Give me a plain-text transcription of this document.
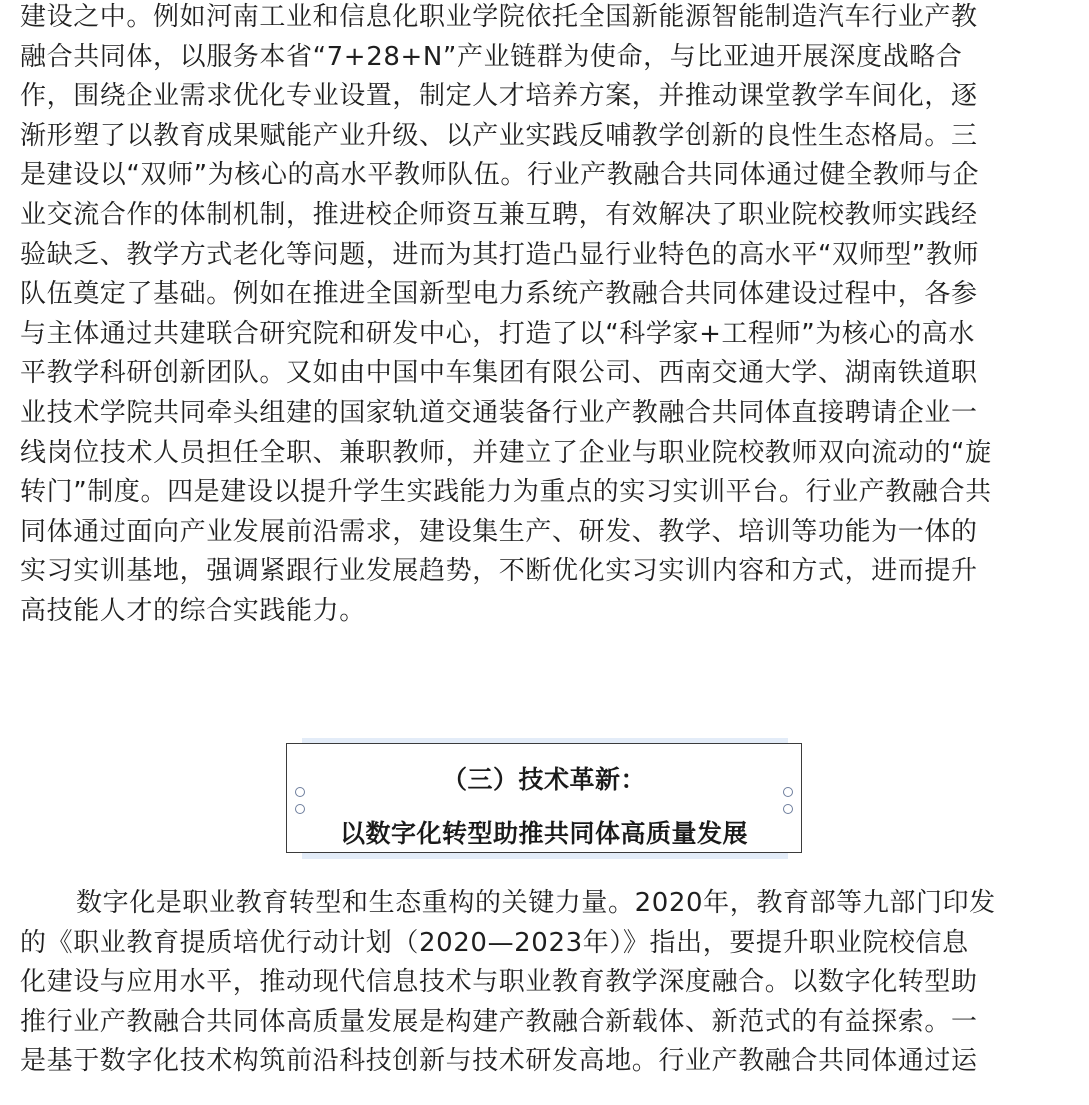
建设之中。例如河南工业和信息化职业学院依托全国新能源智能制造汽车行业产教
融合共同体，以服务本省“7+28+N”产业链群为使命，与比亚迪开展深度战略合
作，围绕企业需求优化专业设置，制定人才培养方案，并推动课堂教学车间化，逐
渐形塑了以教育成果赋能产业升级、以产业实践反哺教学创新的良性生态格局。三
是建设以“双师”为核心的高水平教师队伍。行业产教融合共同体通过健全教师与企
业交流合作的体制机制，推进校企师资互兼互聘，有效解决了职业院校教师实践经
验缺乏、教学方式老化等问题，进而为其打造凸显行业特色的高水平“双师型”教师
队伍奠定了基础。例如在推进全国新型电力系统产教融合共同体建设过程中，各参
与主体通过共建联合研究院和研发中心，打造了以“科学家+工程师”为核心的高水
平教学科研创新团队。又如由中国中车集团有限公司、西南交通大学、湖南铁道职
业技术学院共同牵头组建的国家轨道交通装备行业产教融合共同体直接聘请企业一
线岗位技术人员担任全职、兼职教师，并建立了企业与职业院校教师双向流动的“旋
转门”制度。四是建设以提升学生实践能力为重点的实习实训平台。行业产教融合共
同体通过面向产业发展前沿需求，建设集生产、研发、教学、培训等功能为一体的
实习实训基地，强调紧跟行业发展趋势，不断优化实习实训内容和方式，进而提升
高技能人才的综合实践能力。

（三）技术革新：
以数字化转型助推共同体高质量发展

数字化是职业教育转型和生态重构的关键力量。2020年，教育部等九部门印发
的《职业教育提质培优行动计划（2020—2023年）》指出，要提升职业院校信息
化建设与应用水平，推动现代信息技术与职业教育教学深度融合。以数字化转型助
推行业产教融合共同体高质量发展是构建产教融合新载体、新范式的有益探索。一
是基于数字化技术构筑前沿科技创新与技术研发高地。行业产教融合共同体通过运
